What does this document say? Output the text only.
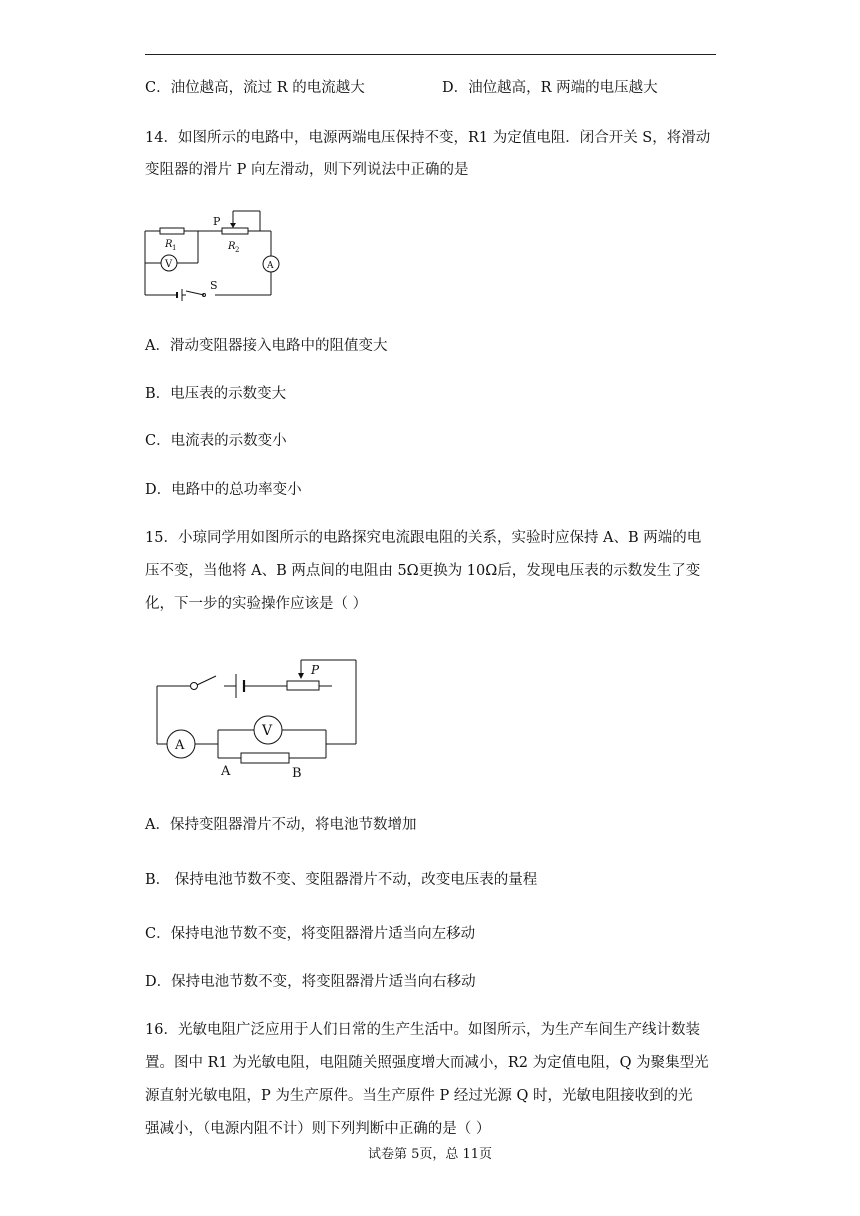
C．油位越高，流过 R 的电流越大	D．油位越高，R 两端的电压越大
14．如图所示的电路中，电源两端电压保持不变，R1 为定值电阻．闭合开关 S，将滑动
变阻器的滑片 P 向左滑动，则下列说法中正确的是
P
R 1	R 2
V	A
S
A．滑动变阻器接入电路中的阻值变大
B．电压表的示数变大
C．电流表的示数变小
D．电路中的总功率变小
15．小琼同学用如图所示的电路探究电流跟电阻的关系，实验时应保持 A、B 两端的电
压不变，当他将 A、B 两点间的电阻由 5Ω更换为 10Ω后，发现电压表的示数发生了变
化，下一步的实验操作应该是（ ）
P
V
A
A	B
A．保持变阻器滑片不动，将电池节数增加
B． 保持电池节数不变、变阻器滑片不动，改变电压表的量程
C．保持电池节数不变，将变阻器滑片适当向左移动
D．保持电池节数不变，将变阻器滑片适当向右移动
16．光敏电阻广泛应用于人们日常的生产生活中。如图所示，为生产车间生产线计数装
置。图中 R1 为光敏电阻，电阻随关照强度增大而减小，R2 为定值电阻，Q 为聚集型光
源直射光敏电阻，P 为生产原件。当生产原件 P 经过光源 Q 时，光敏电阻接收到的光
强减小，（电源内阻不计）则下列判断中正确的是（ ）
试卷第 5页，总 11页
